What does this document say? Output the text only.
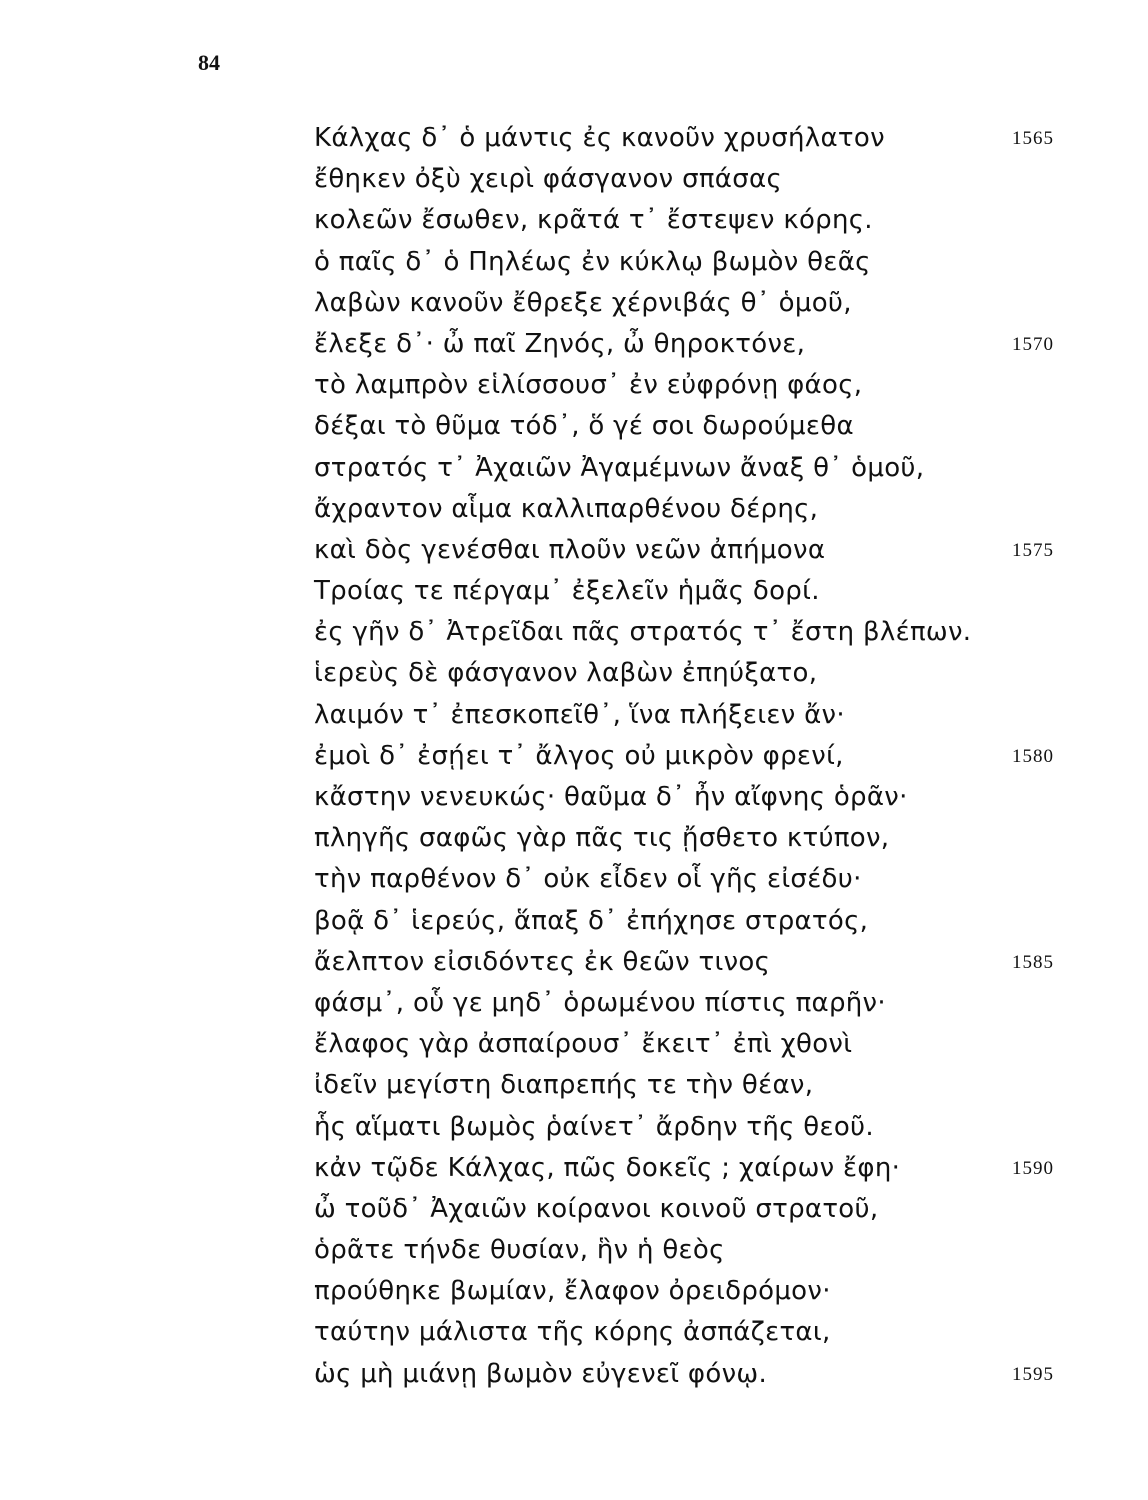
84
Κάλχας δ᾽ ὁ μάντις ἐς κανοῦν χρυσήλατον	1565
ἔθηκεν ὀξὺ χειρὶ φάσγανον σπάσας
κολεῶν ἔσωθεν, κρᾶτά τ᾽ ἔστεψεν κόρης.
ὁ παῖς δ᾽ ὁ Πηλέως ἐν κύκλῳ βωμὸν θεᾶς
λαβὼν κανοῦν ἔθρεξε χέρνιβάς θ᾽ ὁμοῦ,
ἔλεξε δ᾽· ὦ παῖ Ζηνός, ὦ θηροκτόνε,	1570
τὸ λαμπρὸν εἱλίσσουσ᾽ ἐν εὐφρόνῃ φάος,
δέξαι τὸ θῦμα τόδ᾽, ὅ γέ σοι δωρούμεθα
στρατός τ᾽ Ἀχαιῶν Ἀγαμέμνων ἄναξ θ᾽ ὁμοῦ,
ἄχραντον αἷμα καλλιπαρθένου δέρης,
καὶ δὸς γενέσθαι πλοῦν νεῶν ἀπήμονα	1575
Τροίας τε πέργαμ᾽ ἐξελεῖν ἡμᾶς δορί.
ἐς γῆν δ᾽ Ἀτρεῖδαι πᾶς στρατός τ᾽ ἔστη βλέπων.
ἱερεὺς δὲ φάσγανον λαβὼν ἐπηύξατο,
λαιμόν τ᾽ ἐπεσκοπεῖθ᾽, ἵνα πλήξειεν ἄν·
ἐμοὶ δ᾽ ἐσῄει τ᾽ ἄλγος οὐ μικρὸν φρενί,	1580
κἄστην νενευκώς· θαῦμα δ᾽ ἦν αἴφνης ὁρᾶν·
πληγῆς σαφῶς γὰρ πᾶς τις ᾔσθετο κτύπον,
τὴν παρθένον δ᾽ οὐκ εἶδεν οἷ γῆς εἰσέδυ·
βοᾷ δ᾽ ἱερεύς, ἅπαξ δ᾽ ἐπήχησε στρατός,
ἄελπτον εἰσιδόντες ἐκ θεῶν τινος	1585
φάσμ᾽, οὗ γε μηδ᾽ ὁρωμένου πίστις παρῆν·
ἔλαφος γὰρ ἀσπαίρουσ᾽ ἔκειτ᾽ ἐπὶ χθονὶ
ἰδεῖν μεγίστη διαπρεπής τε τὴν θέαν,
ἧς αἵματι βωμὸς ῥαίνετ᾽ ἄρδην τῆς θεοῦ.
κἀν τῷδε Κάλχας, πῶς δοκεῖς ; χαίρων ἔφη·	1590
ὦ τοῦδ᾽ Ἀχαιῶν κοίρανοι κοινοῦ στρατοῦ,
ὁρᾶτε τήνδε θυσίαν, ἣν ἡ θεὸς
προύθηκε βωμίαν, ἔλαφον ὀρειδρόμον·
ταύτην μάλιστα τῆς κόρης ἀσπάζεται,
ὡς μὴ μιάνῃ βωμὸν εὐγενεῖ φόνῳ.	1595
